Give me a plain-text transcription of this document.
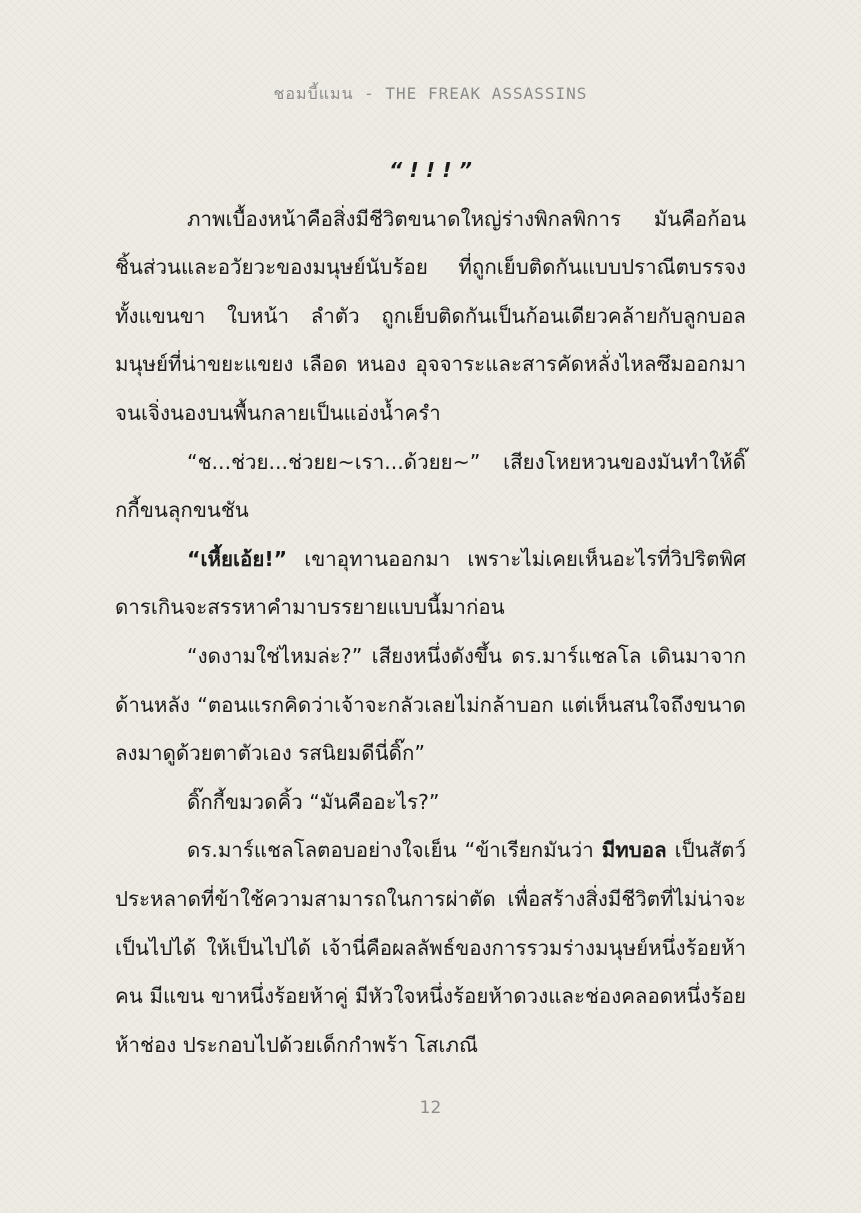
ชอมบี้แมน - THE FREAK ASSASSINS

“ ! ! ! ”

ภาพเบื้องหน้าคือสิ่งมีชีวิตขนาดใหญ่ร่างพิกลพิการ มันคือก้อนชิ้นส่วนและอวัยวะของมนุษย์นับร้อย ที่ถูกเย็บติดกันแบบปราณีตบรรจง ทั้งแขนขา ใบหน้า ลำตัว ถูกเย็บติดกันเป็นก้อนเดียวคล้ายกับลูกบอลมนุษย์ที่น่าขยะแขยง เลือด หนอง อุจจาระและสารคัดหลั่งไหลซึมออกมา จนเจิ่งนองบนพื้นกลายเป็นแอ่งน้ำครำ

“ช...ช่วย...ช่วยย~เรา...ด้วยย~” เสียงโหยหวนของมันทำให้ดิ๊กกี้ขนลุกขนชัน

“เหี้ยเอ้ย!” เขาอุทานออกมา เพราะไม่เคยเห็นอะไรที่วิปริตพิศดารเกินจะสรรหาคำมาบรรยายแบบนี้มาก่อน

“งดงามใช่ไหมล่ะ?” เสียงหนึ่งดังขึ้น ดร.มาร์แชลโล เดินมาจากด้านหลัง “ตอนแรกคิดว่าเจ้าจะกลัวเลยไม่กล้าบอก แต่เห็นสนใจถึงขนาดลงมาดูด้วยตาตัวเอง รสนิยมดีนี่ดิ๊ก”

ดิ๊กกี้ขมวดคิ้ว “มันคืออะไร?”

ดร.มาร์แชลโลตอบอย่างใจเย็น “ข้าเรียกมันว่า มีทบอล เป็นสัตว์ประหลาดที่ข้าใช้ความสามารถในการผ่าตัด เพื่อสร้างสิ่งมีชีวิตที่ไม่น่าจะเป็นไปได้ ให้เป็นไปได้ เจ้านี่คือผลลัพธ์ของการรวมร่างมนุษย์หนึ่งร้อยห้าคน มีแขน ขาหนึ่งร้อยห้าคู่ มีหัวใจหนึ่งร้อยห้าดวงและช่องคลอดหนึ่งร้อยห้าช่อง ประกอบไปด้วยเด็กกำพร้า โสเภณี

12
